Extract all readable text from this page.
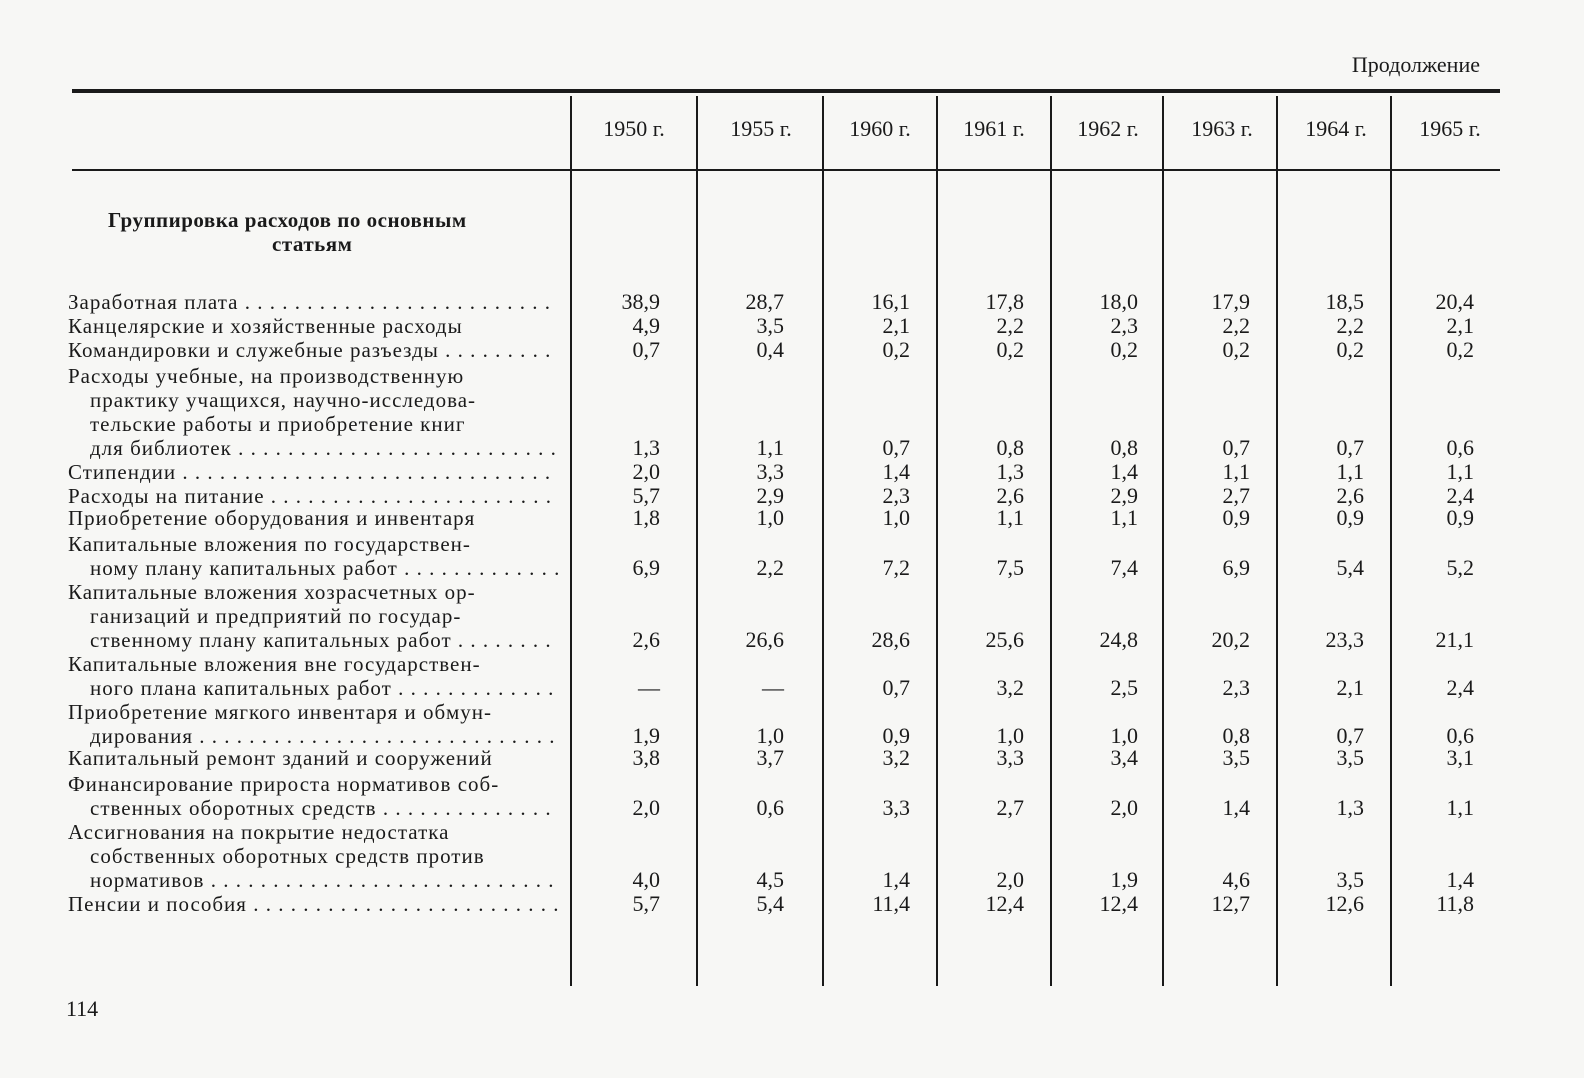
Продолжение
1950 г.	1955 г.	1960 г.	1961 г.	1962 г.	1963 г.	1964 г.	1965 г.
Заработная плата . . .	38,9	28,7	16,1	17,8	18,0	17,9	18,5	20,4
Канцелярские и хозяйственные расходы	4,9	3,5	2,1	2,2	2,3	2,2	2,2	2,1
Командировки и служебные разъезды . . .	0,7	0,4	0,2	0,2	0,2	0,2	0,2	0,2
Расходы учебные, на производственную
практику учащихся, научно-исследова-
тельские работы и приобретение книг
для библиотек . . .	1,3	1,1	0,7	0,8	0,8	0,7	0,7	0,6
Стипендии . . .	2,0	3,3	1,4	1,3	1,4	1,1	1,1	1,1
Расходы на питание . . .	5,7	2,9	2,3	2,6	2,9	2,7	2,6	2,4
Приобретение оборудования и инвентаря	1,8	1,0	1,0	1,1	1,1	0,9	0,9	0,9
Капитальные вложения по государствен-
ному плану капитальных работ . . .	6,9	2,2	7,2	7,5	7,4	6,9	5,4	5,2
Капитальные вложения хозрасчетных ор-
ганизаций и предприятий по государ-
ственному плану капитальных работ . . .	2,6	26,6	28,6	25,6	24,8	20,2	23,3	21,1
Капитальные вложения вне государствен-
ного плана капитальных работ . . .	—	—	0,7	3,2	2,5	2,3	2,1	2,4
Приобретение мягкого инвентаря и обмун-
дирования . . .	1,9	1,0	0,9	1,0	1,0	0,8	0,7	0,6
Капитальный ремонт зданий и сооружений	3,8	3,7	3,2	3,3	3,4	3,5	3,5	3,1
Финансирование прироста нормативов соб-
ственных оборотных средств . . .	2,0	0,6	3,3	2,7	2,0	1,4	1,3	1,1
Ассигнования на покрытие недостатка
собственных оборотных средств против
нормативов . . .	4,0	4,5	1,4	2,0	1,9	4,6	3,5	1,4
Пенсии и пособия . . .	5,7	5,4	11,4	12,4	12,4	12,7	12,6	11,8
Группировка расходов по основным
статьям
114
